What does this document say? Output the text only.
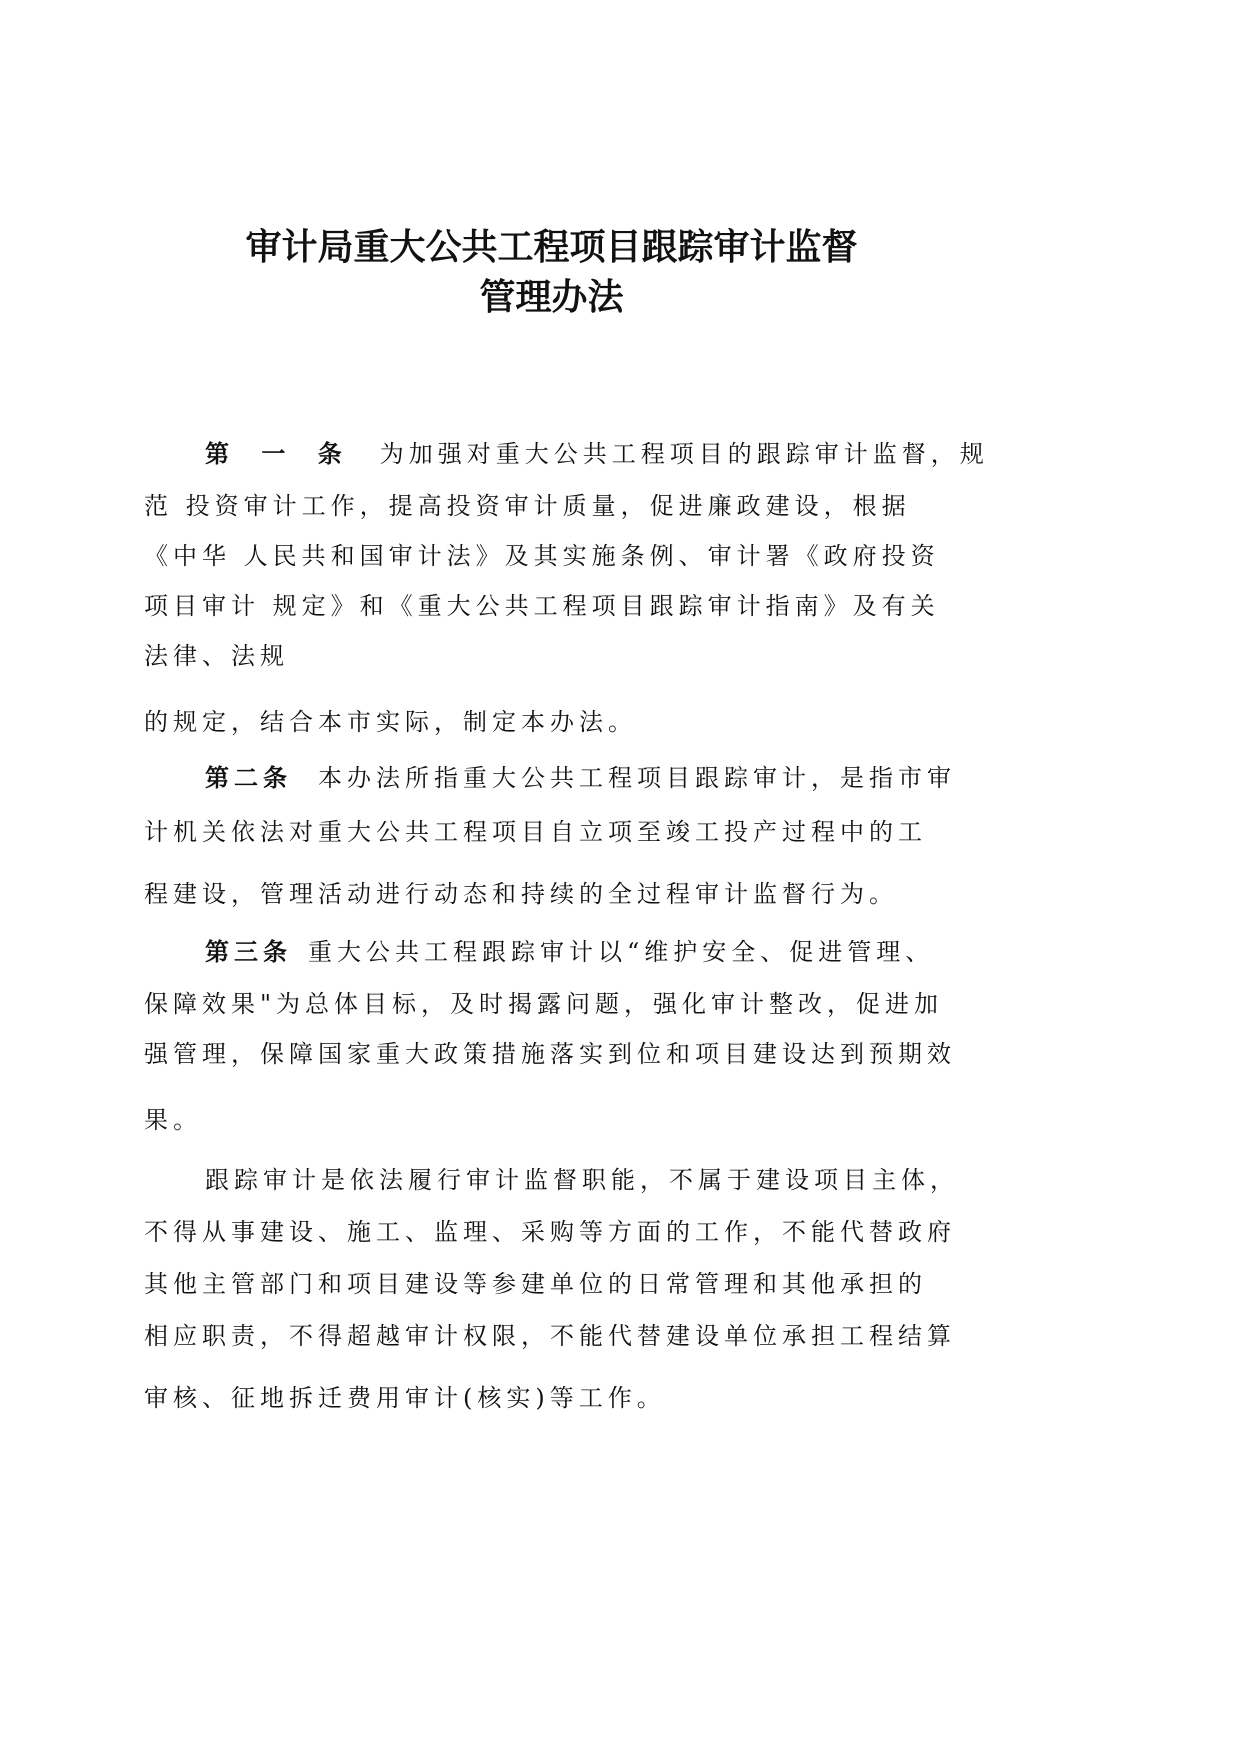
审计局重大公共工程项目跟踪审计监督
管理办法
第 一 条 为加强对重大公共工程项目的跟踪审计监督，规
范 投资审计工作，提高投资审计质量，促进廉政建设，根据
《中华 人民共和国审计法》及其实施条例、审计署《政府投资
项目审计 规定》和《重大公共工程项目跟踪审计指南》及有关
法律、法规
的规定，结合本市实际，制定本办法。
第二条 本办法所指重大公共工程项目跟踪审计，是指市审
计机关依法对重大公共工程项目自立项至竣工投产过程中的工
程建设，管理活动进行动态和持续的全过程审计监督行为。
第三条 重大公共工程跟踪审计以“维护安全、促进管理、
保障效果"为总体目标，及时揭露问题，强化审计整改，促进加
强管理，保障国家重大政策措施落实到位和项目建设达到预期效
果。
跟踪审计是依法履行审计监督职能，不属于建设项目主体，
不得从事建设、施工、监理、采购等方面的工作，不能代替政府
其他主管部门和项目建设等参建单位的日常管理和其他承担的
相应职责，不得超越审计权限，不能代替建设单位承担工程结算
审核、征地拆迁费用审计(核实)等工作。
